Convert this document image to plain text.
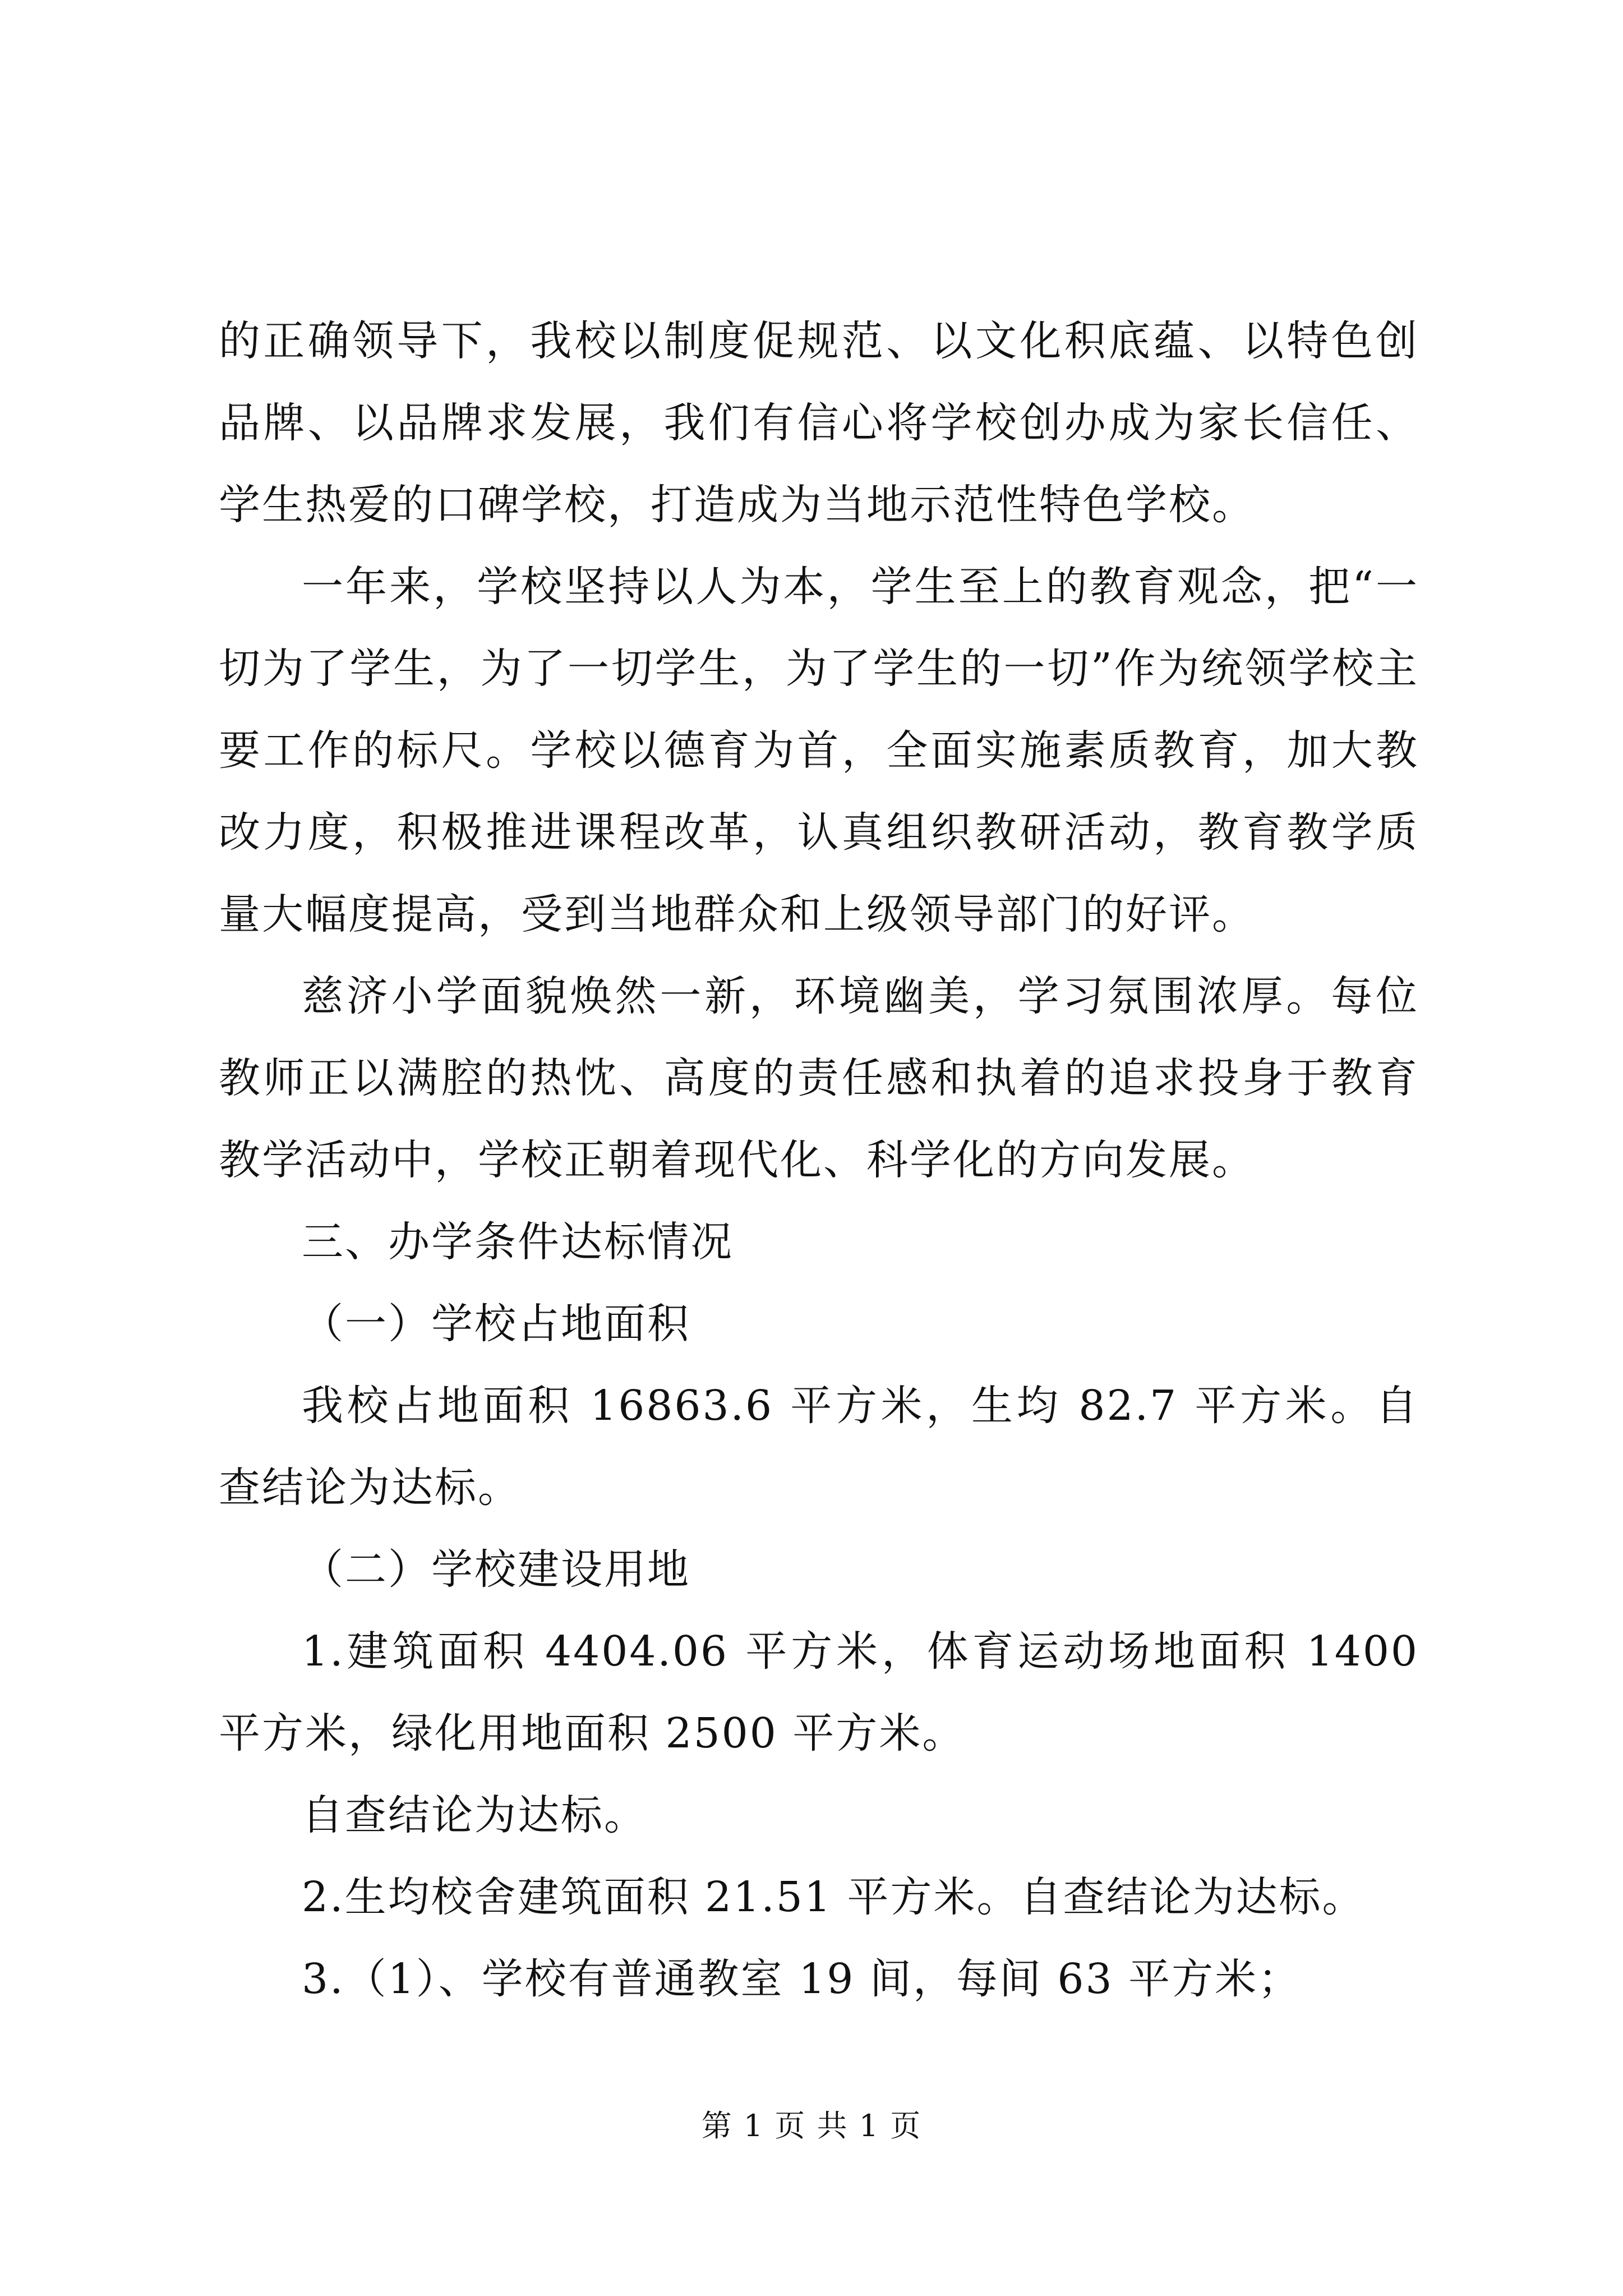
的正确领导下，我校以制度促规范、以文化积底蕴、以特色创品牌、以品牌求发展，我们有信心将学校创办成为家长信任、学生热爱的口碑学校，打造成为当地示范性特色学校。

一年来，学校坚持以人为本，学生至上的教育观念，把“一切为了学生，为了一切学生，为了学生的一切”作为统领学校主要工作的标尺。学校以德育为首，全面实施素质教育，加大教改力度，积极推进课程改革，认真组织教研活动，教育教学质量大幅度提高，受到当地群众和上级领导部门的好评。

慈济小学面貌焕然一新，环境幽美，学习氛围浓厚。每位教师正以满腔的热忱、高度的责任感和执着的追求投身于教育教学活动中，学校正朝着现代化、科学化的方向发展。

三、办学条件达标情况

（一）学校占地面积

我校占地面积 16863.6 平方米，生均 82.7 平方米。自查结论为达标。

（二）学校建设用地

1.建筑面积 4404.06 平方米，体育运动场地面积 1400 平方米，绿化用地面积 2500 平方米。

自查结论为达标。

2.生均校舍建筑面积 21.51 平方米。自查结论为达标。

3.（1）、学校有普通教室 19 间，每间 63 平方米；

第 1 页 共 1 页
